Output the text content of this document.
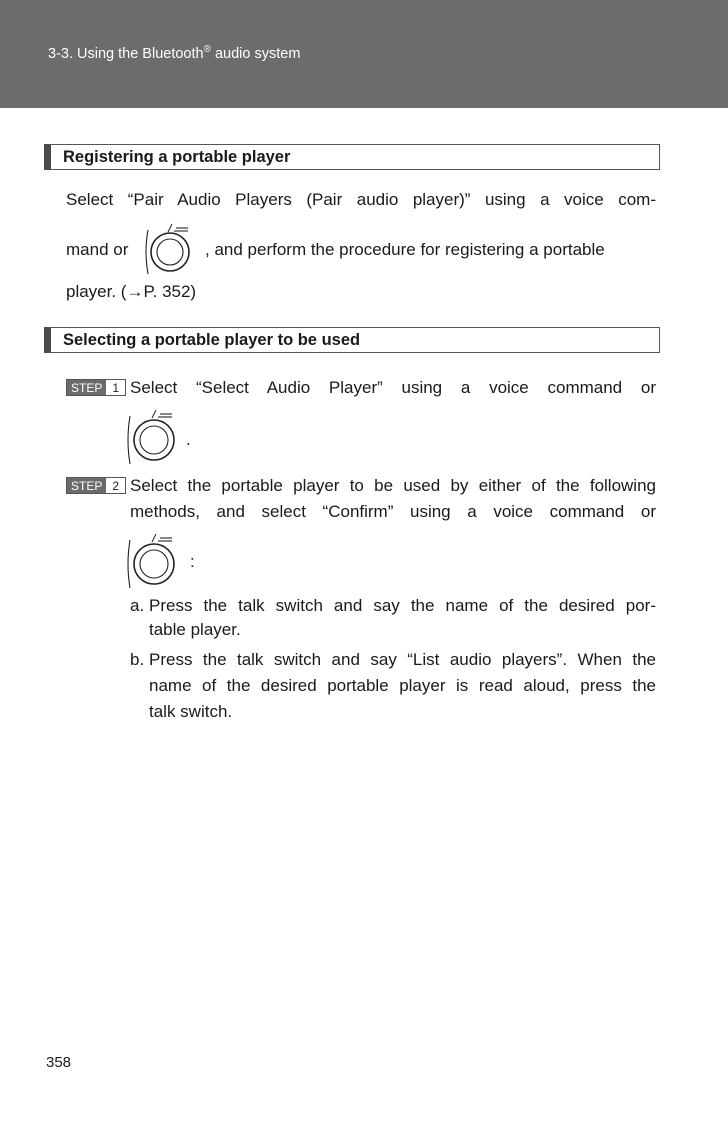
3-3. Using the Bluetooth® audio system
Registering a portable player
Select “Pair Audio Players (Pair audio player)” using a voice com-
mand or	, and perform the procedure for registering a portable
player. (→P. 352)
Selecting a portable player to be used
STEP 1 Select “Select Audio Player” using a voice command or
.
STEP 2 Select the portable player to be used by either of the following
methods, and select “Confirm” using a voice command or
:
a. Press the talk switch and say the name of the desired por-
table player.
b. Press the talk switch and say “List audio players”. When the
name of the desired portable player is read aloud, press the
talk switch.
358
